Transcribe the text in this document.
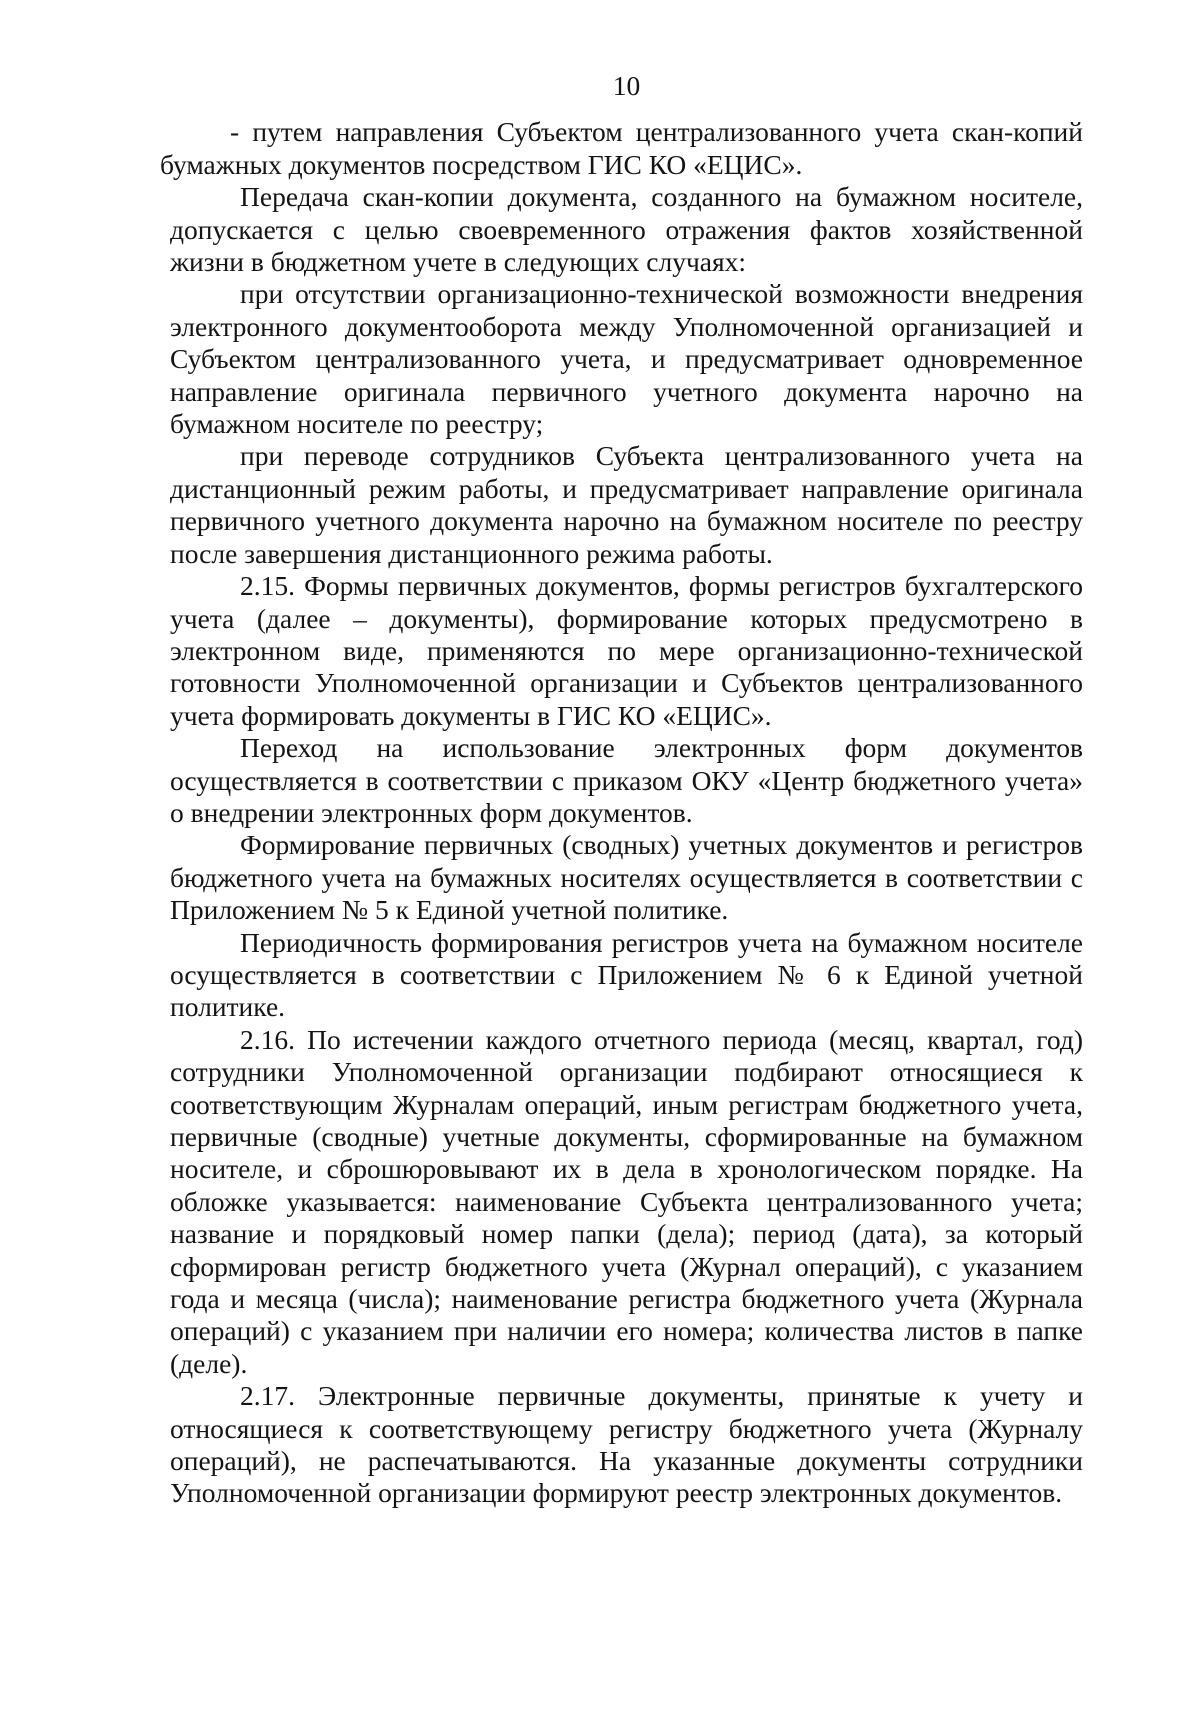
10

- путем направления Субъектом централизованного учета скан-копий бумажных документов посредством ГИС КО «ЕЦИС».

Передача скан-копии документа, созданного на бумажном носителе, допускается с целью своевременного отражения фактов хозяйственной жизни в бюджетном учете в следующих случаях:

при отсутствии организационно-технической возможности внедрения электронного документооборота между Уполномоченной организацией и Субъектом централизованного учета, и предусматривает одновременное направление оригинала первичного учетного документа нарочно на бумажном носителе по реестру;

при переводе сотрудников Субъекта централизованного учета на дистанционный режим работы, и предусматривает направление оригинала первичного учетного документа нарочно на бумажном носителе по реестру после завершения дистанционного режима работы.

2.15. Формы первичных документов, формы регистров бухгалтерского учета (далее – документы), формирование которых предусмотрено в электронном виде, применяются по мере организационно-технической готовности Уполномоченной организации и Субъектов централизованного учета формировать документы в ГИС КО «ЕЦИС».

Переход на использование электронных форм документов осуществляется в соответствии с приказом ОКУ «Центр бюджетного учета» о внедрении электронных форм документов.

Формирование первичных (сводных) учетных документов и регистров бюджетного учета на бумажных носителях осуществляется в соответствии с Приложением № 5 к Единой учетной политике.

Периодичность формирования регистров учета на бумажном носителе осуществляется в соответствии с Приложением № 6 к Единой учетной политике.

2.16. По истечении каждого отчетного периода (месяц, квартал, год) сотрудники Уполномоченной организации подбирают относящиеся к соответствующим Журналам операций, иным регистрам бюджетного учета, первичные (сводные) учетные документы, сформированные на бумажном носителе, и сброшюровывают их в дела в хронологическом порядке. На обложке указывается: наименование Субъекта централизованного учета; название и порядковый номер папки (дела); период (дата), за который сформирован регистр бюджетного учета (Журнал операций), с указанием года и месяца (числа); наименование регистра бюджетного учета (Журнала операций) с указанием при наличии его номера; количества листов в папке (деле).

2.17. Электронные первичные документы, принятые к учету и относящиеся к соответствующему регистру бюджетного учета (Журналу операций), не распечатываются. На указанные документы сотрудники Уполномоченной организации формируют реестр электронных документов.
